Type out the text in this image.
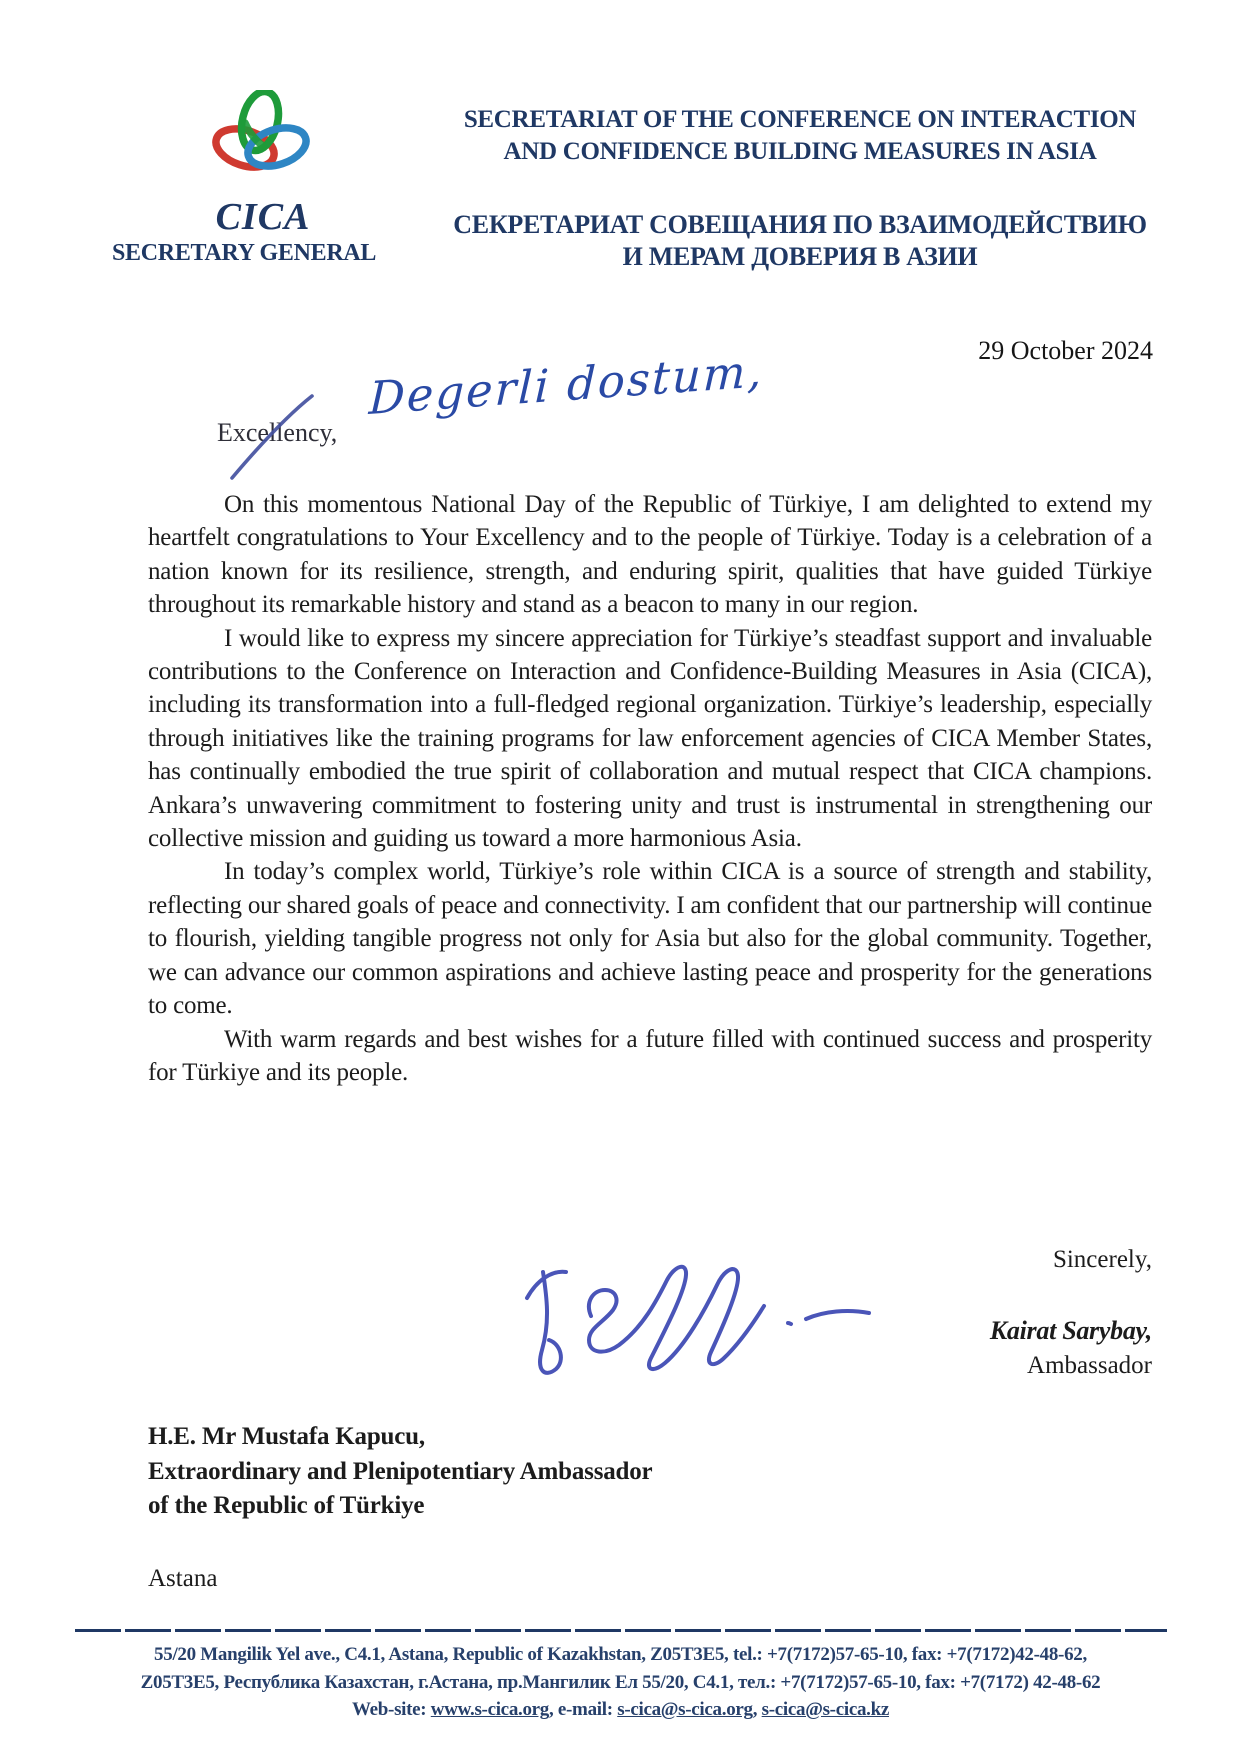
CICA
SECRETARIAT OF THE CONFERENCE ON INTERACTION
AND CONFIDENCE BUILDING MEASURES IN ASIA
СЕКРЕТАРИАТ СОВЕЩАНИЯ ПО ВЗАИМОДЕЙСТВИЮ
И МЕРАМ ДОВЕРИЯ В АЗИИ
SECRETARY GENERAL
29 October 2024
Excellency,
Degerli dostum,

On this momentous National Day of the Republic of Türkiye, I am delighted to extend my heartfelt congratulations to Your Excellency and to the people of Türkiye. Today is a celebration of a nation known for its resilience, strength, and enduring spirit, qualities that have guided Türkiye throughout its remarkable history and stand as a beacon to many in our region.

I would like to express my sincere appreciation for Türkiye’s steadfast support and invaluable contributions to the Conference on Interaction and Confidence-Building Measures in Asia (CICA), including its transformation into a full-fledged regional organization. Türkiye’s leadership, especially through initiatives like the training programs for law enforcement agencies of CICA Member States, has continually embodied the true spirit of collaboration and mutual respect that CICA champions. Ankara’s unwavering commitment to fostering unity and trust is instrumental in strengthening our collective mission and guiding us toward a more harmonious Asia.

In today’s complex world, Türkiye’s role within CICA is a source of strength and stability, reflecting our shared goals of peace and connectivity. I am confident that our partnership will continue to flourish, yielding tangible progress not only for Asia but also for the global community. Together, we can advance our common aspirations and achieve lasting peace and prosperity for the generations to come.

With warm regards and best wishes for a future filled with continued success and prosperity for Türkiye and its people.

Sincerely,
Kairat Sarybay,
Ambassador
H.E. Mr Mustafa Kapucu,
Extraordinary and Plenipotentiary Ambassador
of the Republic of Türkiye
Astana
55/20 Mangilik Yel ave., C4.1, Astana, Republic of Kazakhstan, Z05T3E5, tel.: +7(7172)57-65-10, fax: +7(7172)42-48-62,
Z05T3E5, Республика Казахстан, г.Астана, пр.Мангилик Ел 55/20, C4.1, тел.: +7(7172)57-65-10, fax: +7(7172) 42-48-62
Web-site: www.s-cica.org, e-mail: s-cica@s-cica.org, s-cica@s-cica.kz
